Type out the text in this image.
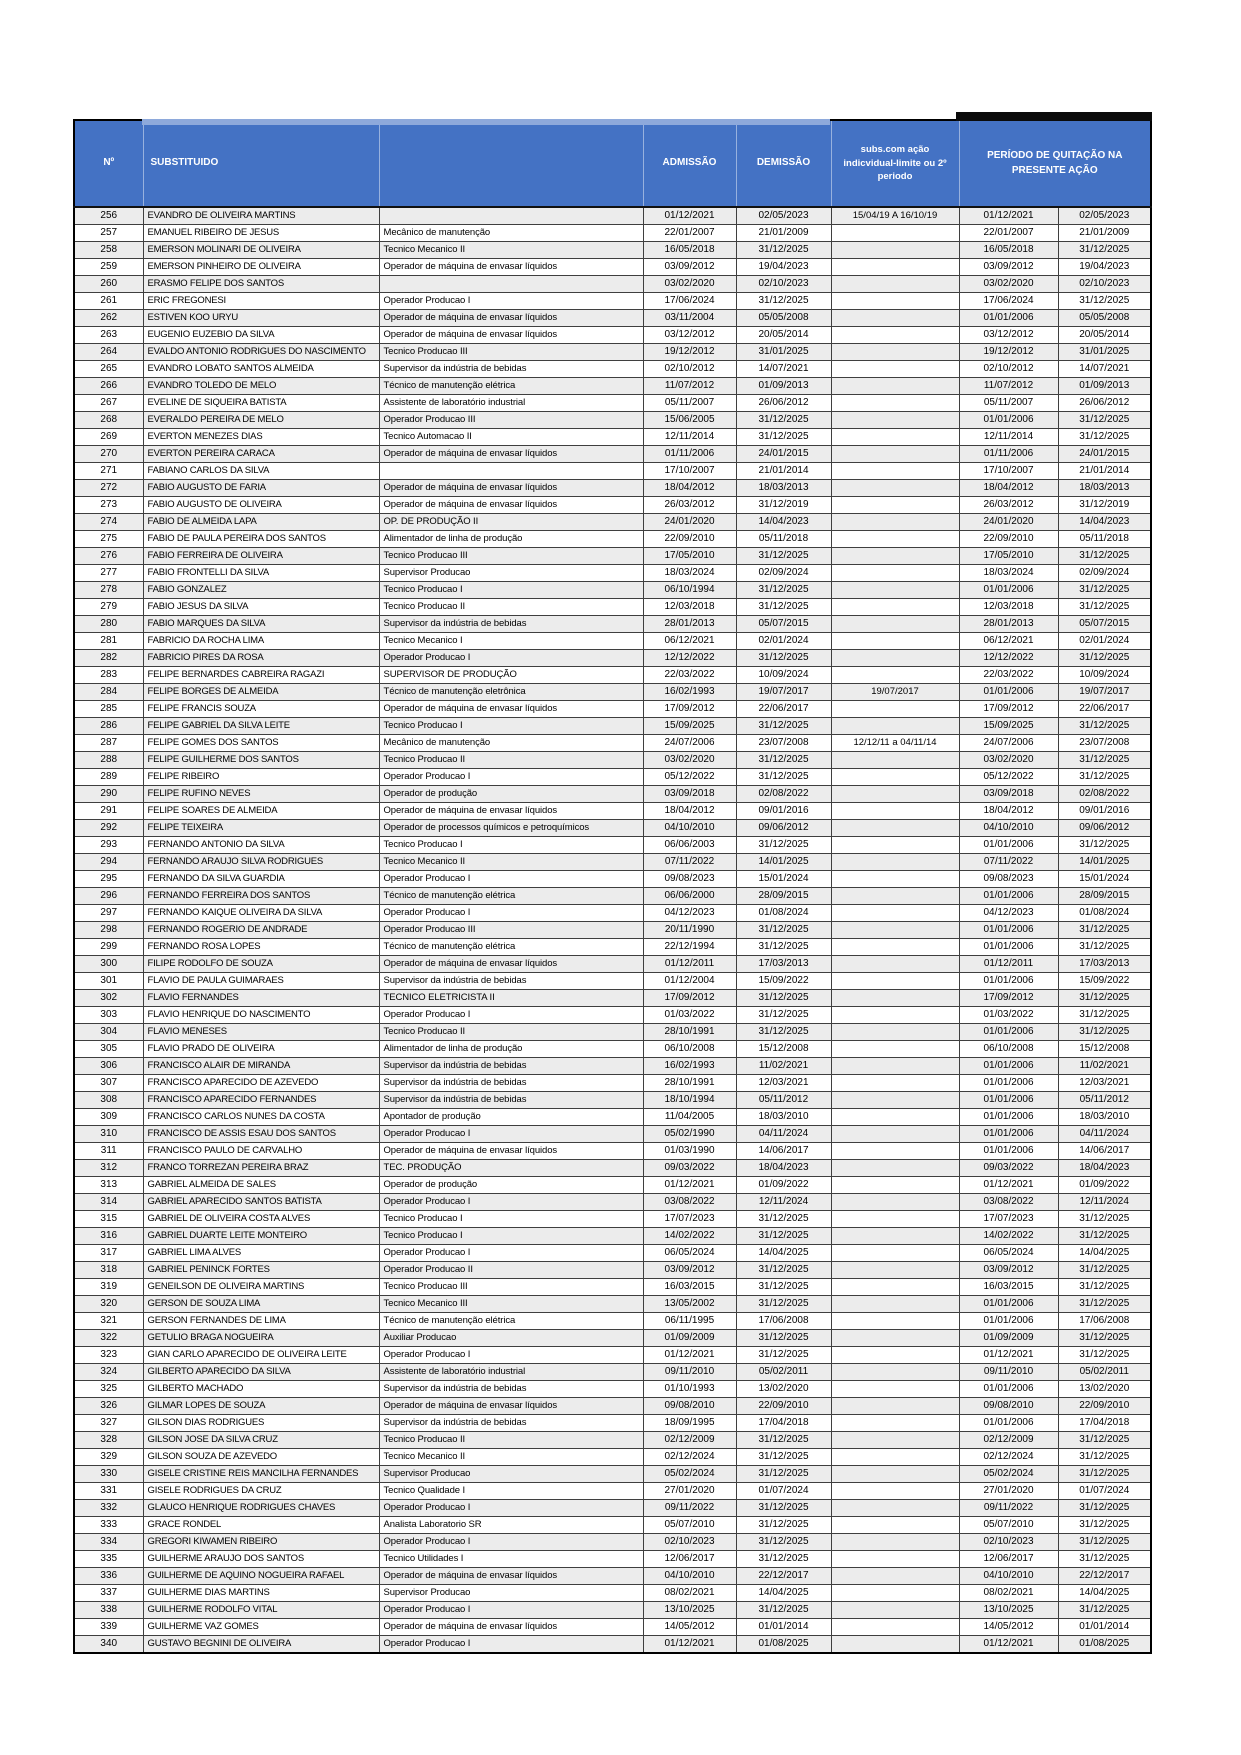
Nº	SUBSTITUIDO		ADMISSÃO	DEMISSÃO	subs.com ação indicvidual-limite ou 2º periodo	PERÍODO DE QUITAÇÃO NA PRESENTE AÇÃO	
256	EVANDRO DE OLIVEIRA MARTINS		01/12/2021	02/05/2023	15/04/19 A 16/10/19	01/12/2021	02/05/2023
257	EMANUEL RIBEIRO DE JESUS	Mecânico de manutenção	22/01/2007	21/01/2009		22/01/2007	21/01/2009
258	EMERSON MOLINARI DE OLIVEIRA	Tecnico Mecanico II	16/05/2018	31/12/2025		16/05/2018	31/12/2025
259	EMERSON PINHEIRO DE OLIVEIRA	Operador de máquina de envasar líquidos	03/09/2012	19/04/2023		03/09/2012	19/04/2023
260	ERASMO FELIPE DOS SANTOS		03/02/2020	02/10/2023		03/02/2020	02/10/2023
261	ERIC FREGONESI	Operador Producao I	17/06/2024	31/12/2025		17/06/2024	31/12/2025
262	ESTIVEN KOO URYU	Operador de máquina de envasar líquidos	03/11/2004	05/05/2008		01/01/2006	05/05/2008
263	EUGENIO EUZEBIO DA SILVA	Operador de máquina de envasar líquidos	03/12/2012	20/05/2014		03/12/2012	20/05/2014
264	EVALDO ANTONIO RODRIGUES DO NASCIMENTO	Tecnico Producao III	19/12/2012	31/01/2025		19/12/2012	31/01/2025
265	EVANDRO LOBATO SANTOS ALMEIDA	Supervisor da indústria de bebidas	02/10/2012	14/07/2021		02/10/2012	14/07/2021
266	EVANDRO TOLEDO DE MELO	Técnico de manutenção elétrica	11/07/2012	01/09/2013		11/07/2012	01/09/2013
267	EVELINE DE SIQUEIRA BATISTA	Assistente de laboratório industrial	05/11/2007	26/06/2012		05/11/2007	26/06/2012
268	EVERALDO PEREIRA DE MELO	Operador Producao III	15/06/2005	31/12/2025		01/01/2006	31/12/2025
269	EVERTON MENEZES DIAS	Tecnico Automacao II	12/11/2014	31/12/2025		12/11/2014	31/12/2025
270	EVERTON PEREIRA CARACA	Operador de máquina de envasar líquidos	01/11/2006	24/01/2015		01/11/2006	24/01/2015
271	FABIANO CARLOS DA SILVA		17/10/2007	21/01/2014		17/10/2007	21/01/2014
272	FABIO AUGUSTO DE FARIA	Operador de máquina de envasar líquidos	18/04/2012	18/03/2013		18/04/2012	18/03/2013
273	FABIO AUGUSTO DE OLIVEIRA	Operador de máquina de envasar líquidos	26/03/2012	31/12/2019		26/03/2012	31/12/2019
274	FABIO DE ALMEIDA LAPA	OP. DE PRODUÇÃO II	24/01/2020	14/04/2023		24/01/2020	14/04/2023
275	FABIO DE PAULA PEREIRA DOS SANTOS	Alimentador de linha de produção	22/09/2010	05/11/2018		22/09/2010	05/11/2018
276	FABIO FERREIRA DE OLIVEIRA	Tecnico Producao III	17/05/2010	31/12/2025		17/05/2010	31/12/2025
277	FABIO FRONTELLI DA SILVA	Supervisor Producao	18/03/2024	02/09/2024		18/03/2024	02/09/2024
278	FABIO GONZALEZ	Tecnico Producao I	06/10/1994	31/12/2025		01/01/2006	31/12/2025
279	FABIO JESUS DA SILVA	Tecnico Producao II	12/03/2018	31/12/2025		12/03/2018	31/12/2025
280	FABIO MARQUES DA SILVA	Supervisor da indústria de bebidas	28/01/2013	05/07/2015		28/01/2013	05/07/2015
281	FABRICIO DA ROCHA LIMA	Tecnico Mecanico I	06/12/2021	02/01/2024		06/12/2021	02/01/2024
282	FABRICIO PIRES DA ROSA	Operador Producao I	12/12/2022	31/12/2025		12/12/2022	31/12/2025
283	FELIPE BERNARDES CABREIRA RAGAZI	SUPERVISOR DE PRODUÇÃO	22/03/2022	10/09/2024		22/03/2022	10/09/2024
284	FELIPE BORGES DE ALMEIDA	Técnico de manutenção eletrônica	16/02/1993	19/07/2017	19/07/2017	01/01/2006	19/07/2017
285	FELIPE FRANCIS SOUZA	Operador de máquina de envasar líquidos	17/09/2012	22/06/2017		17/09/2012	22/06/2017
286	FELIPE GABRIEL DA SILVA LEITE	Tecnico Producao I	15/09/2025	31/12/2025		15/09/2025	31/12/2025
287	FELIPE GOMES DOS SANTOS	Mecânico de manutenção	24/07/2006	23/07/2008	12/12/11 a 04/11/14	24/07/2006	23/07/2008
288	FELIPE GUILHERME DOS SANTOS	Tecnico Producao II	03/02/2020	31/12/2025		03/02/2020	31/12/2025
289	FELIPE RIBEIRO	Operador Producao I	05/12/2022	31/12/2025		05/12/2022	31/12/2025
290	FELIPE RUFINO NEVES	Operador de produção	03/09/2018	02/08/2022		03/09/2018	02/08/2022
291	FELIPE SOARES DE ALMEIDA	Operador de máquina de envasar líquidos	18/04/2012	09/01/2016		18/04/2012	09/01/2016
292	FELIPE TEIXEIRA	Operador de processos químicos e petroquímicos	04/10/2010	09/06/2012		04/10/2010	09/06/2012
293	FERNANDO ANTONIO DA SILVA	Tecnico Producao I	06/06/2003	31/12/2025		01/01/2006	31/12/2025
294	FERNANDO ARAUJO SILVA RODRIGUES	Tecnico Mecanico II	07/11/2022	14/01/2025		07/11/2022	14/01/2025
295	FERNANDO DA SILVA GUARDIA	Operador Producao I	09/08/2023	15/01/2024		09/08/2023	15/01/2024
296	FERNANDO FERREIRA DOS SANTOS	Técnico de manutenção elétrica	06/06/2000	28/09/2015		01/01/2006	28/09/2015
297	FERNANDO KAIQUE OLIVEIRA DA SILVA	Operador Producao I	04/12/2023	01/08/2024		04/12/2023	01/08/2024
298	FERNANDO ROGERIO DE ANDRADE	Operador Producao III	20/11/1990	31/12/2025		01/01/2006	31/12/2025
299	FERNANDO ROSA LOPES	Técnico de manutenção elétrica	22/12/1994	31/12/2025		01/01/2006	31/12/2025
300	FILIPE RODOLFO DE SOUZA	Operador de máquina de envasar líquidos	01/12/2011	17/03/2013		01/12/2011	17/03/2013
301	FLAVIO DE PAULA GUIMARAES	Supervisor da indústria de bebidas	01/12/2004	15/09/2022		01/01/2006	15/09/2022
302	FLAVIO FERNANDES	TECNICO ELETRICISTA II	17/09/2012	31/12/2025		17/09/2012	31/12/2025
303	FLAVIO HENRIQUE DO NASCIMENTO	Operador Producao I	01/03/2022	31/12/2025		01/03/2022	31/12/2025
304	FLAVIO MENESES	Tecnico Producao II	28/10/1991	31/12/2025		01/01/2006	31/12/2025
305	FLAVIO PRADO DE OLIVEIRA	Alimentador de linha de produção	06/10/2008	15/12/2008		06/10/2008	15/12/2008
306	FRANCISCO ALAIR DE MIRANDA	Supervisor da indústria de bebidas	16/02/1993	11/02/2021		01/01/2006	11/02/2021
307	FRANCISCO APARECIDO DE AZEVEDO	Supervisor da indústria de bebidas	28/10/1991	12/03/2021		01/01/2006	12/03/2021
308	FRANCISCO APARECIDO FERNANDES	Supervisor da indústria de bebidas	18/10/1994	05/11/2012		01/01/2006	05/11/2012
309	FRANCISCO CARLOS NUNES DA COSTA	Apontador de produção	11/04/2005	18/03/2010		01/01/2006	18/03/2010
310	FRANCISCO DE ASSIS ESAU DOS SANTOS	Operador Producao I	05/02/1990	04/11/2024		01/01/2006	04/11/2024
311	FRANCISCO PAULO DE CARVALHO	Operador de máquina de envasar líquidos	01/03/1990	14/06/2017		01/01/2006	14/06/2017
312	FRANCO TORREZAN PEREIRA BRAZ	TEC. PRODUÇÃO	09/03/2022	18/04/2023		09/03/2022	18/04/2023
313	GABRIEL ALMEIDA DE SALES	Operador de produção	01/12/2021	01/09/2022		01/12/2021	01/09/2022
314	GABRIEL APARECIDO SANTOS BATISTA	Operador Producao I	03/08/2022	12/11/2024		03/08/2022	12/11/2024
315	GABRIEL DE OLIVEIRA COSTA ALVES	Tecnico Producao I	17/07/2023	31/12/2025		17/07/2023	31/12/2025
316	GABRIEL DUARTE LEITE MONTEIRO	Tecnico Producao I	14/02/2022	31/12/2025		14/02/2022	31/12/2025
317	GABRIEL LIMA ALVES	Operador Producao I	06/05/2024	14/04/2025		06/05/2024	14/04/2025
318	GABRIEL PENINCK FORTES	Operador Producao II	03/09/2012	31/12/2025		03/09/2012	31/12/2025
319	GENEILSON DE OLIVEIRA MARTINS	Tecnico Producao III	16/03/2015	31/12/2025		16/03/2015	31/12/2025
320	GERSON DE SOUZA LIMA	Tecnico Mecanico III	13/05/2002	31/12/2025		01/01/2006	31/12/2025
321	GERSON FERNANDES DE LIMA	Técnico de manutenção elétrica	06/11/1995	17/06/2008		01/01/2006	17/06/2008
322	GETULIO BRAGA NOGUEIRA	Auxiliar Producao	01/09/2009	31/12/2025		01/09/2009	31/12/2025
323	GIAN CARLO APARECIDO DE OLIVEIRA LEITE	Operador Producao I	01/12/2021	31/12/2025		01/12/2021	31/12/2025
324	GILBERTO APARECIDO DA SILVA	Assistente de laboratório industrial	09/11/2010	05/02/2011		09/11/2010	05/02/2011
325	GILBERTO MACHADO	Supervisor da indústria de bebidas	01/10/1993	13/02/2020		01/01/2006	13/02/2020
326	GILMAR LOPES DE SOUZA	Operador de máquina de envasar líquidos	09/08/2010	22/09/2010		09/08/2010	22/09/2010
327	GILSON DIAS RODRIGUES	Supervisor da indústria de bebidas	18/09/1995	17/04/2018		01/01/2006	17/04/2018
328	GILSON JOSE DA SILVA CRUZ	Tecnico Producao II	02/12/2009	31/12/2025		02/12/2009	31/12/2025
329	GILSON SOUZA DE AZEVEDO	Tecnico Mecanico II	02/12/2024	31/12/2025		02/12/2024	31/12/2025
330	GISELE CRISTINE REIS MANCILHA FERNANDES	Supervisor Producao	05/02/2024	31/12/2025		05/02/2024	31/12/2025
331	GISELE RODRIGUES DA CRUZ	Tecnico Qualidade I	27/01/2020	01/07/2024		27/01/2020	01/07/2024
332	GLAUCO HENRIQUE RODRIGUES CHAVES	Operador Producao I	09/11/2022	31/12/2025		09/11/2022	31/12/2025
333	GRACE RONDEL	Analista Laboratorio SR	05/07/2010	31/12/2025		05/07/2010	31/12/2025
334	GREGORI KIWAMEN RIBEIRO	Operador Producao I	02/10/2023	31/12/2025		02/10/2023	31/12/2025
335	GUILHERME ARAUJO DOS SANTOS	Tecnico Utilidades I	12/06/2017	31/12/2025		12/06/2017	31/12/2025
336	GUILHERME DE AQUINO NOGUEIRA RAFAEL	Operador de máquina de envasar líquidos	04/10/2010	22/12/2017		04/10/2010	22/12/2017
337	GUILHERME DIAS MARTINS	Supervisor Producao	08/02/2021	14/04/2025		08/02/2021	14/04/2025
338	GUILHERME RODOLFO VITAL	Operador Producao I	13/10/2025	31/12/2025		13/10/2025	31/12/2025
339	GUILHERME VAZ GOMES	Operador de máquina de envasar líquidos	14/05/2012	01/01/2014		14/05/2012	01/01/2014
340	GUSTAVO BEGNINI DE OLIVEIRA	Operador Producao I	01/12/2021	01/08/2025		01/12/2021	01/08/2025
